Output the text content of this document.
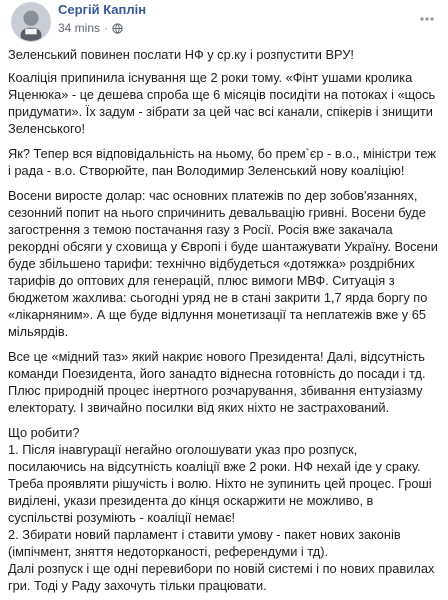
Сергій Каплін
34 mins ·

Зеленський повинен послати НФ у ср.ку і розпустити ВРУ!

Коаліція припинила існування ще 2 роки тому. «Фінт ушами кролика Яценюка» - це дешева спроба ще 6 місяців посидіти на потоках і «щось придумати». Їх задум - зібрати за цей час всі канали, спікерів і знищити Зеленського!

Як? Тепер вся відповідальність на ньому, бо прем`єр - в.о., міністри теж і рада - в.о. Створюйте, пан Володимир Зеленський нову коаліцію!

Восени виросте долар: час основних платежів по дер зобов'язаннях, сезонний попит на нього спричинить девальвацію гривні. Восени буде загострення з темою постачання газу з Росії. Росія вже закачала рекордні обсяги у сховища у Європі і буде шантажувати Україну. Восени буде збільшено тарифи: технічно відбудеться «дотяжка» роздрібних тарифів до оптових для генерацій, плюс вимоги МВФ. Ситуація з бюджетом жахлива: сьогодні уряд не в стані закрити 1,7 ярда боргу по «лікарняним». А ще буде відлуння монетизації та неплатежів вже у 65 мільярдів.

Все це «мідний таз» який накриє нового Президента! Далі, відсутність команди Поезидента, його занадто віднесна готовність до посади і тд. Плюс природній процес інертного розчарування, збивання ентузіазму електорату. І звичайно посилки від яких ніхто не застрахований.

Що робити?
1. Після інавгурації негайно оголошувати указ про розпуск, посилаючись на відсутність коаліції вже 2 роки. НФ нехай іде у сраку.
Треба проявляти рішучість і волю. Ніхто не зупинить цей процес. Гроші виділені, укази президента до кінця оскаржити не можливо, в суспільстві розуміють - коаліції немає!
2. Збирати новий парламент і ставити умову - пакет нових законів (імпічмент, зняття недоторканості, референдуми і тд).
Далі розпуск і ще одні перевибори по новій системі і по нових правилах гри. Тоді у Раду захочуть тільки працювати.
